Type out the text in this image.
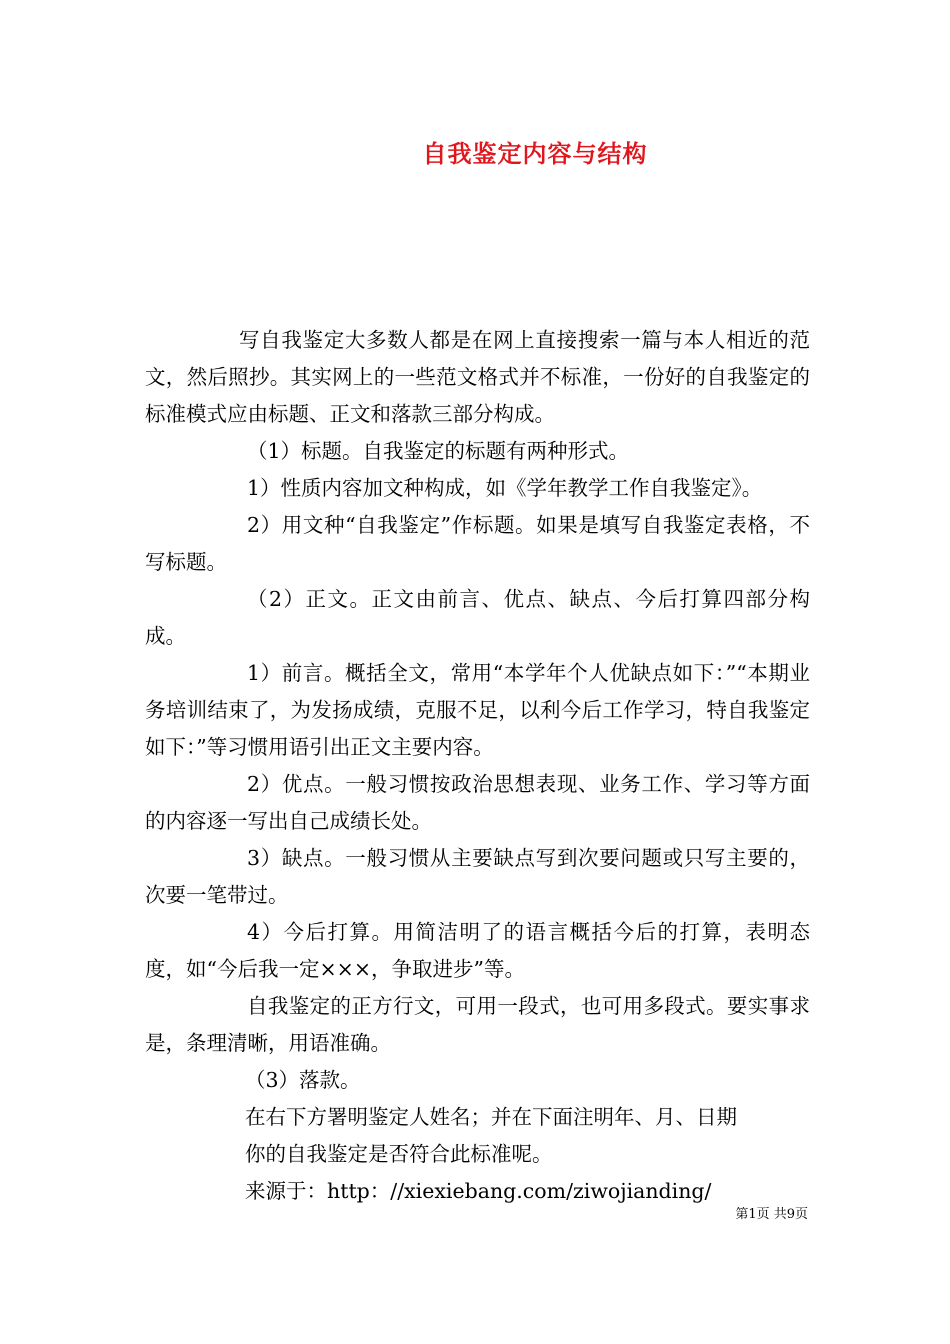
自我鉴定内容与结构

写自我鉴定大多数人都是在网上直接搜索一篇与本人相近的范文，然后照抄。其实网上的一些范文格式并不标准，一份好的自我鉴定的标准模式应由标题、正文和落款三部分构成。

（1）标题。自我鉴定的标题有两种形式。

1）性质内容加文种构成，如《学年教学工作自我鉴定》。

2）用文种“自我鉴定”作标题。如果是填写自我鉴定表格，不写标题。

（2）正文。正文由前言、优点、缺点、今后打算四部分构成。

1）前言。概括全文，常用“本学年个人优缺点如下：”“本期业务培训结束了，为发扬成绩，克服不足，以利今后工作学习，特自我鉴定如下：”等习惯用语引出正文主要内容。

2）优点。一般习惯按政治思想表现、业务工作、学习等方面的内容逐一写出自己成绩长处。

3）缺点。一般习惯从主要缺点写到次要问题或只写主要的，次要一笔带过。

4）今后打算。用简洁明了的语言概括今后的打算，表明态度，如“今后我一定×××，争取进步”等。

自我鉴定的正方行文，可用一段式，也可用多段式。要实事求是，条理清晰，用语准确。

（3）落款。

在右下方署明鉴定人姓名；并在下面注明年、月、日期

你的自我鉴定是否符合此标准呢。

来源于：http：//xiexiebang.com/ziwojianding/

第1页 共9页
